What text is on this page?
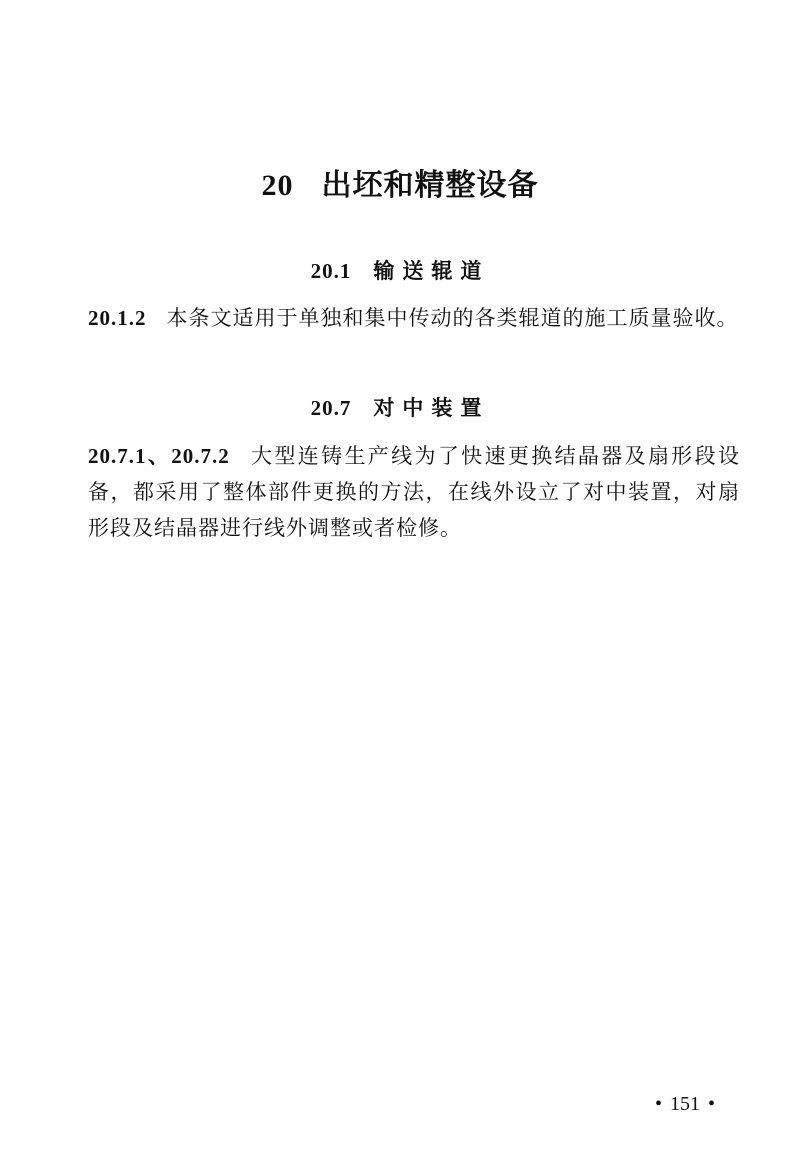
20 出坯和精整设备
20.1 输送辊道
20.1.2 本条文适用于单独和集中传动的各类辊道的施工质量验收。
20.7 对中装置
20.7.1、20.7.2 大型连铸生产线为了快速更换结晶器及扇形段设备，都采用了整体部件更换的方法，在线外设立了对中装置，对扇形段及结晶器进行线外调整或者检修。
• 151 •
